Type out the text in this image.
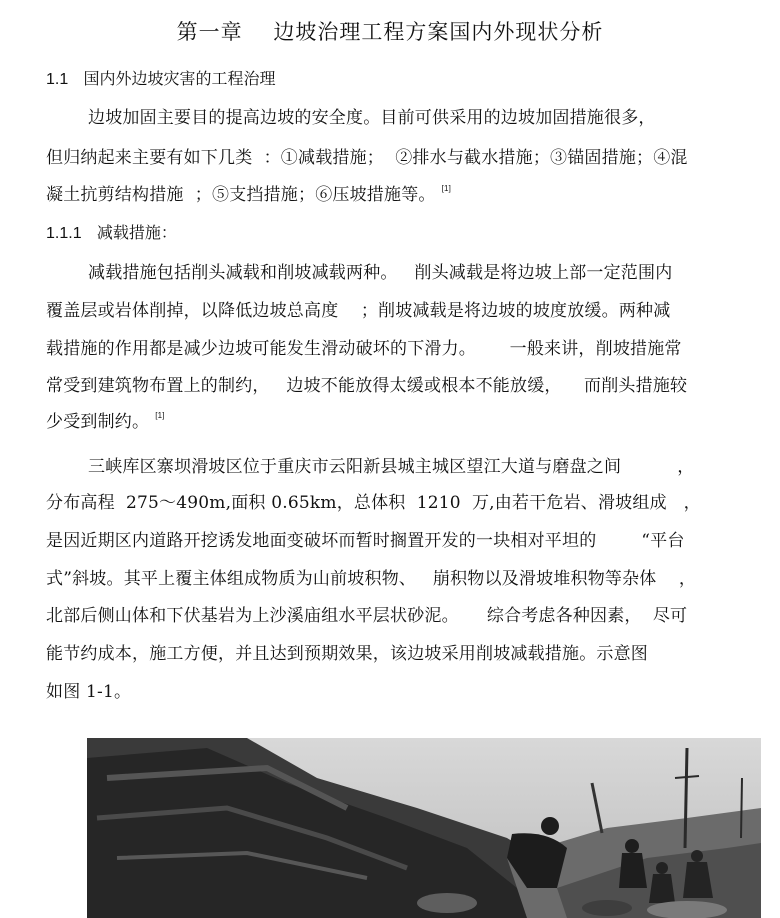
第一章    边坡治理工程方案国内外现状分析
1.1 国内外边坡灾害的工程治理
边坡加固主要目的提高边坡的安全度。目前可供采用的边坡加固措施很多，
但归纳起来主要有如下几类  ：①减载措施；  ②排水与截水措施；③锚固措施；④混
凝土抗剪结构措施  ；⑤支挡措施；⑥压坡措施等。 [1]
1.1.1 减载措施：
减载措施包括削头减载和削坡减载两种。   削头减载是将边坡上部一定范围内
覆盖层或岩体削掉，以降低边坡总高度    ；削坡减载是将边坡的坡度放缓。两种减
载措施的作用都是减少边坡可能发生滑动破坏的下滑力。      一般来讲，削坡措施常
常受到建筑物布置上的制约，   边坡不能放得太缓或根本不能放缓，    而削头措施较
少受到制约。 [1]
三峡库区寨坝滑坡区位于重庆市云阳新县城主城区望江大道与磨盘之间          ，
分布高程  275～490m,面积 0.65km，总体积  1210  万,由若干危岩、滑坡组成   ，
是因近期区内道路开挖诱发地面变破坏而暂时搁置开发的一块相对平坦的        “平台
式”斜坡。其平上覆主体组成物质为山前坡积物、   崩积物以及滑坡堆积物等杂体    ，
北部后侧山体和下伏基岩为上沙溪庙组水平层状砂泥。     综合考虑各种因素，  尽可
能节约成本，施工方便，并且达到预期效果，该边坡采用削坡减载措施。示意图
如图 1-1。
